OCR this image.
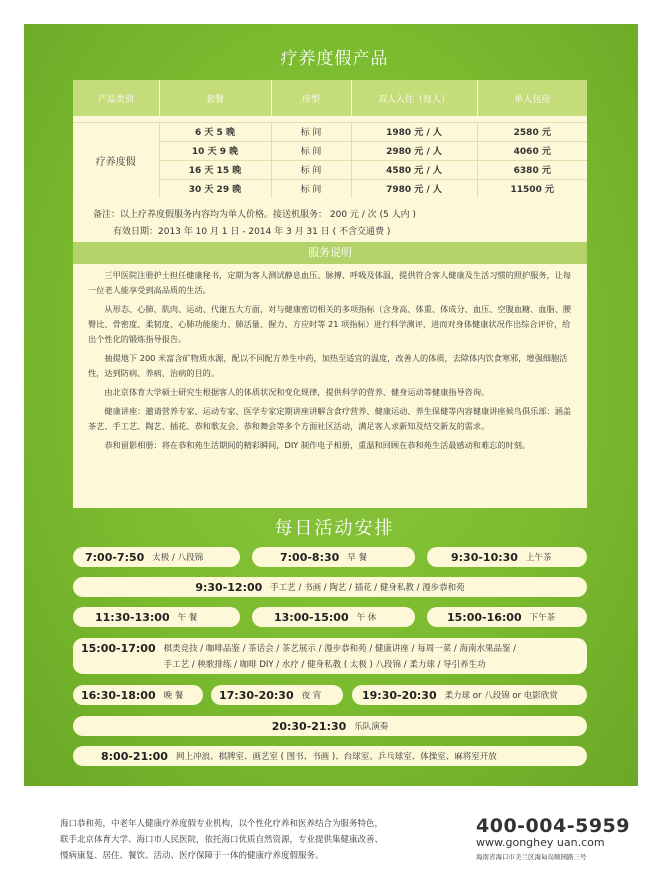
疗养度假产品
产品类别	套餐	房型	双人入住（每人）	单人包房

疗养度假	6 天 5 晚	标 间	1980 元 / 人	2580 元
	10 天 9 晚	标 间	2980 元 / 人	4060 元
	16 天 15 晚	标 间	4580 元 / 人	6380 元
	30 天 29 晚	标 间	7980 元 / 人	11500 元
备注：以上疗养度假服务内容均为单人价格。接送机服务： 200 元 / 次 (5 人内 )
有效日期：2013 年 10 月 1 日 - 2014 年 3 月 31 日 ( 不含交通费 )
服务说明

三甲医院注册护士担任健康秘书，定期为客人测试静息血压、脉搏、呼吸及体温，提供符合客人健康及生活习惯的照护服务，让每一位老人能享受到高品质的生活。

从形态、心肺、肌肉、运动、代谢五大方面，对与健康密切相关的多项指标（含身高、体重、体成分、血压、空腹血糖、血脂、腰臀比、骨密度、柔韧度、心肺功能能力、肺活量、握力、方应时等 21 项指标）进行科学测评，进而对身体健康状况作出综合评价，给出个性化的锻炼指导报告。

抽提地下 200 米富含矿物质水源，配以不同配方养生中药，加热至适宜的温度，改善人的体质，去除体内饮食寒邪，增强细胞活性，达到防病、养病、治病的目的。

由北京体育大学硕士研究生根据客人的体质状况和变化规律，提供科学的营养、健身运动等健康指导咨询。

健康讲座：邀请营养专家、运动专家、医学专家定期讲座讲解含食疗营养、健康运动、养生保健等内容健康讲座候鸟俱乐部：涵盖茶艺、手工艺、陶艺、插花、恭和歌友会、恭和舞会等多个方面社区活动，满足客人求新知及结交新友的需求。

恭和留影相册：将在恭和苑生活期间的精彩瞬间，DIY 制作电子相册，重温和回顾在恭和苑生活最感动和难忘的时刻。

每日活动安排
7:00-7:50 太极 / 八段锦	7:00-8:30 早 餐	9:30-10:30 上午茶
9:30-12:00 手工艺 / 书画 / 陶艺 / 插花 / 健身私教 / 漫步恭和苑
11:30-13:00 午 餐	13:00-15:00 午 休	15:00-16:00 下午茶
15:00-17:00 棋类竞技 / 咖啡品鉴 / 茶话会 / 茶艺展示 / 漫步恭和苑 / 健康讲座 / 每周一菜 / 海南水果品鉴 /
手工艺 / 秧歌排练 / 咖啡 DIY / 水疗 / 健身私教 ( 太极 ) 八段锦 / 柔力球 / 导引养生功
16:30-18:00 晚 餐	17:30-20:30 夜 宵	19:30-20:30 柔力球 or 八段锦 or 电影欣赏
20:30-21:30 乐队演奏
8:00-21:00 网上冲浪、棋牌室、画艺室 ( 图书、书画 )、台球室、乒乓球室、体操室、麻将室开放
海口恭和苑，中老年人健康疗养度假专业机构，以个性化疗养和医养结合为服务特色，
联手北京体育大学、海口市人民医院，依托海口优质自然资源，专业提供集健康改善、
慢病康复、居住、餐饮、活动、医疗保障于一体的健康疗养度假服务。
400-004-5959
www.gonghey uan.com
海南省海口市美兰区海甸岛顺园路三号
